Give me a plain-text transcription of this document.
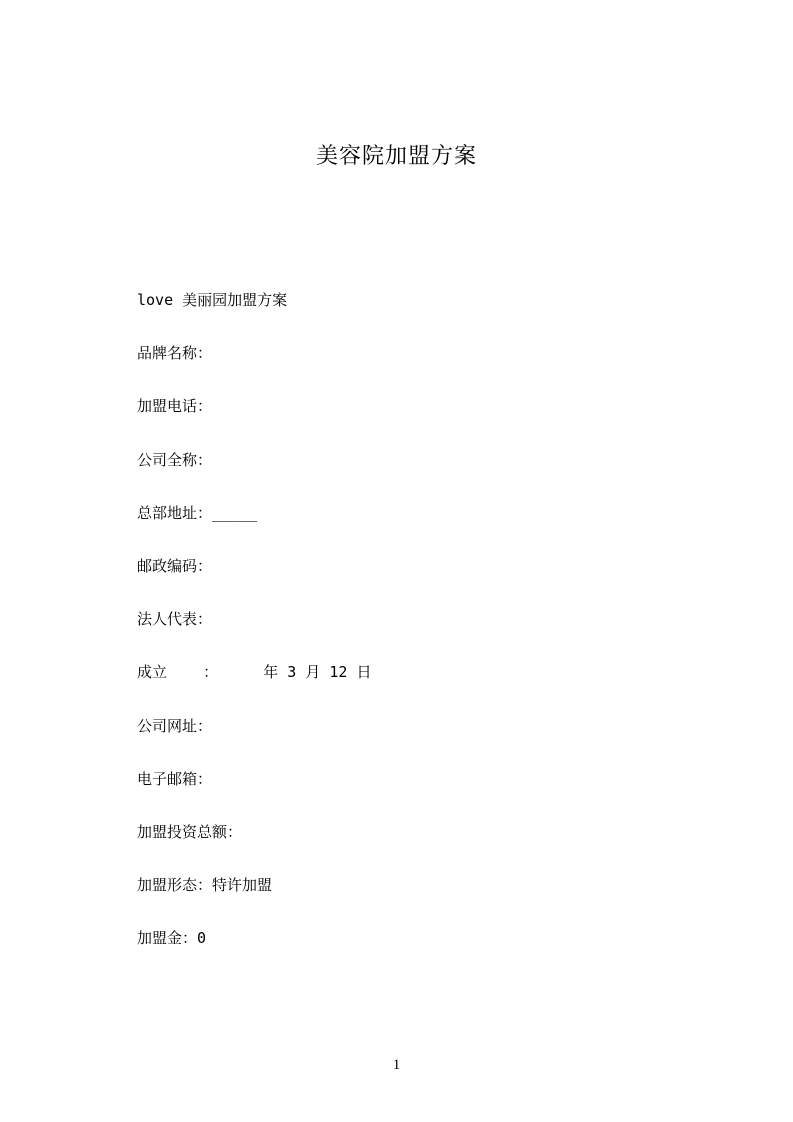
美容院加盟方案
love 美丽园加盟方案
品牌名称：
加盟电话：
公司全称：
总部地址：_____
邮政编码：
法人代表：
成立    ：     年 3 月 12 日
公司网址：
电子邮箱：
加盟投资总额：
加盟形态：特许加盟
加盟金：0
1
